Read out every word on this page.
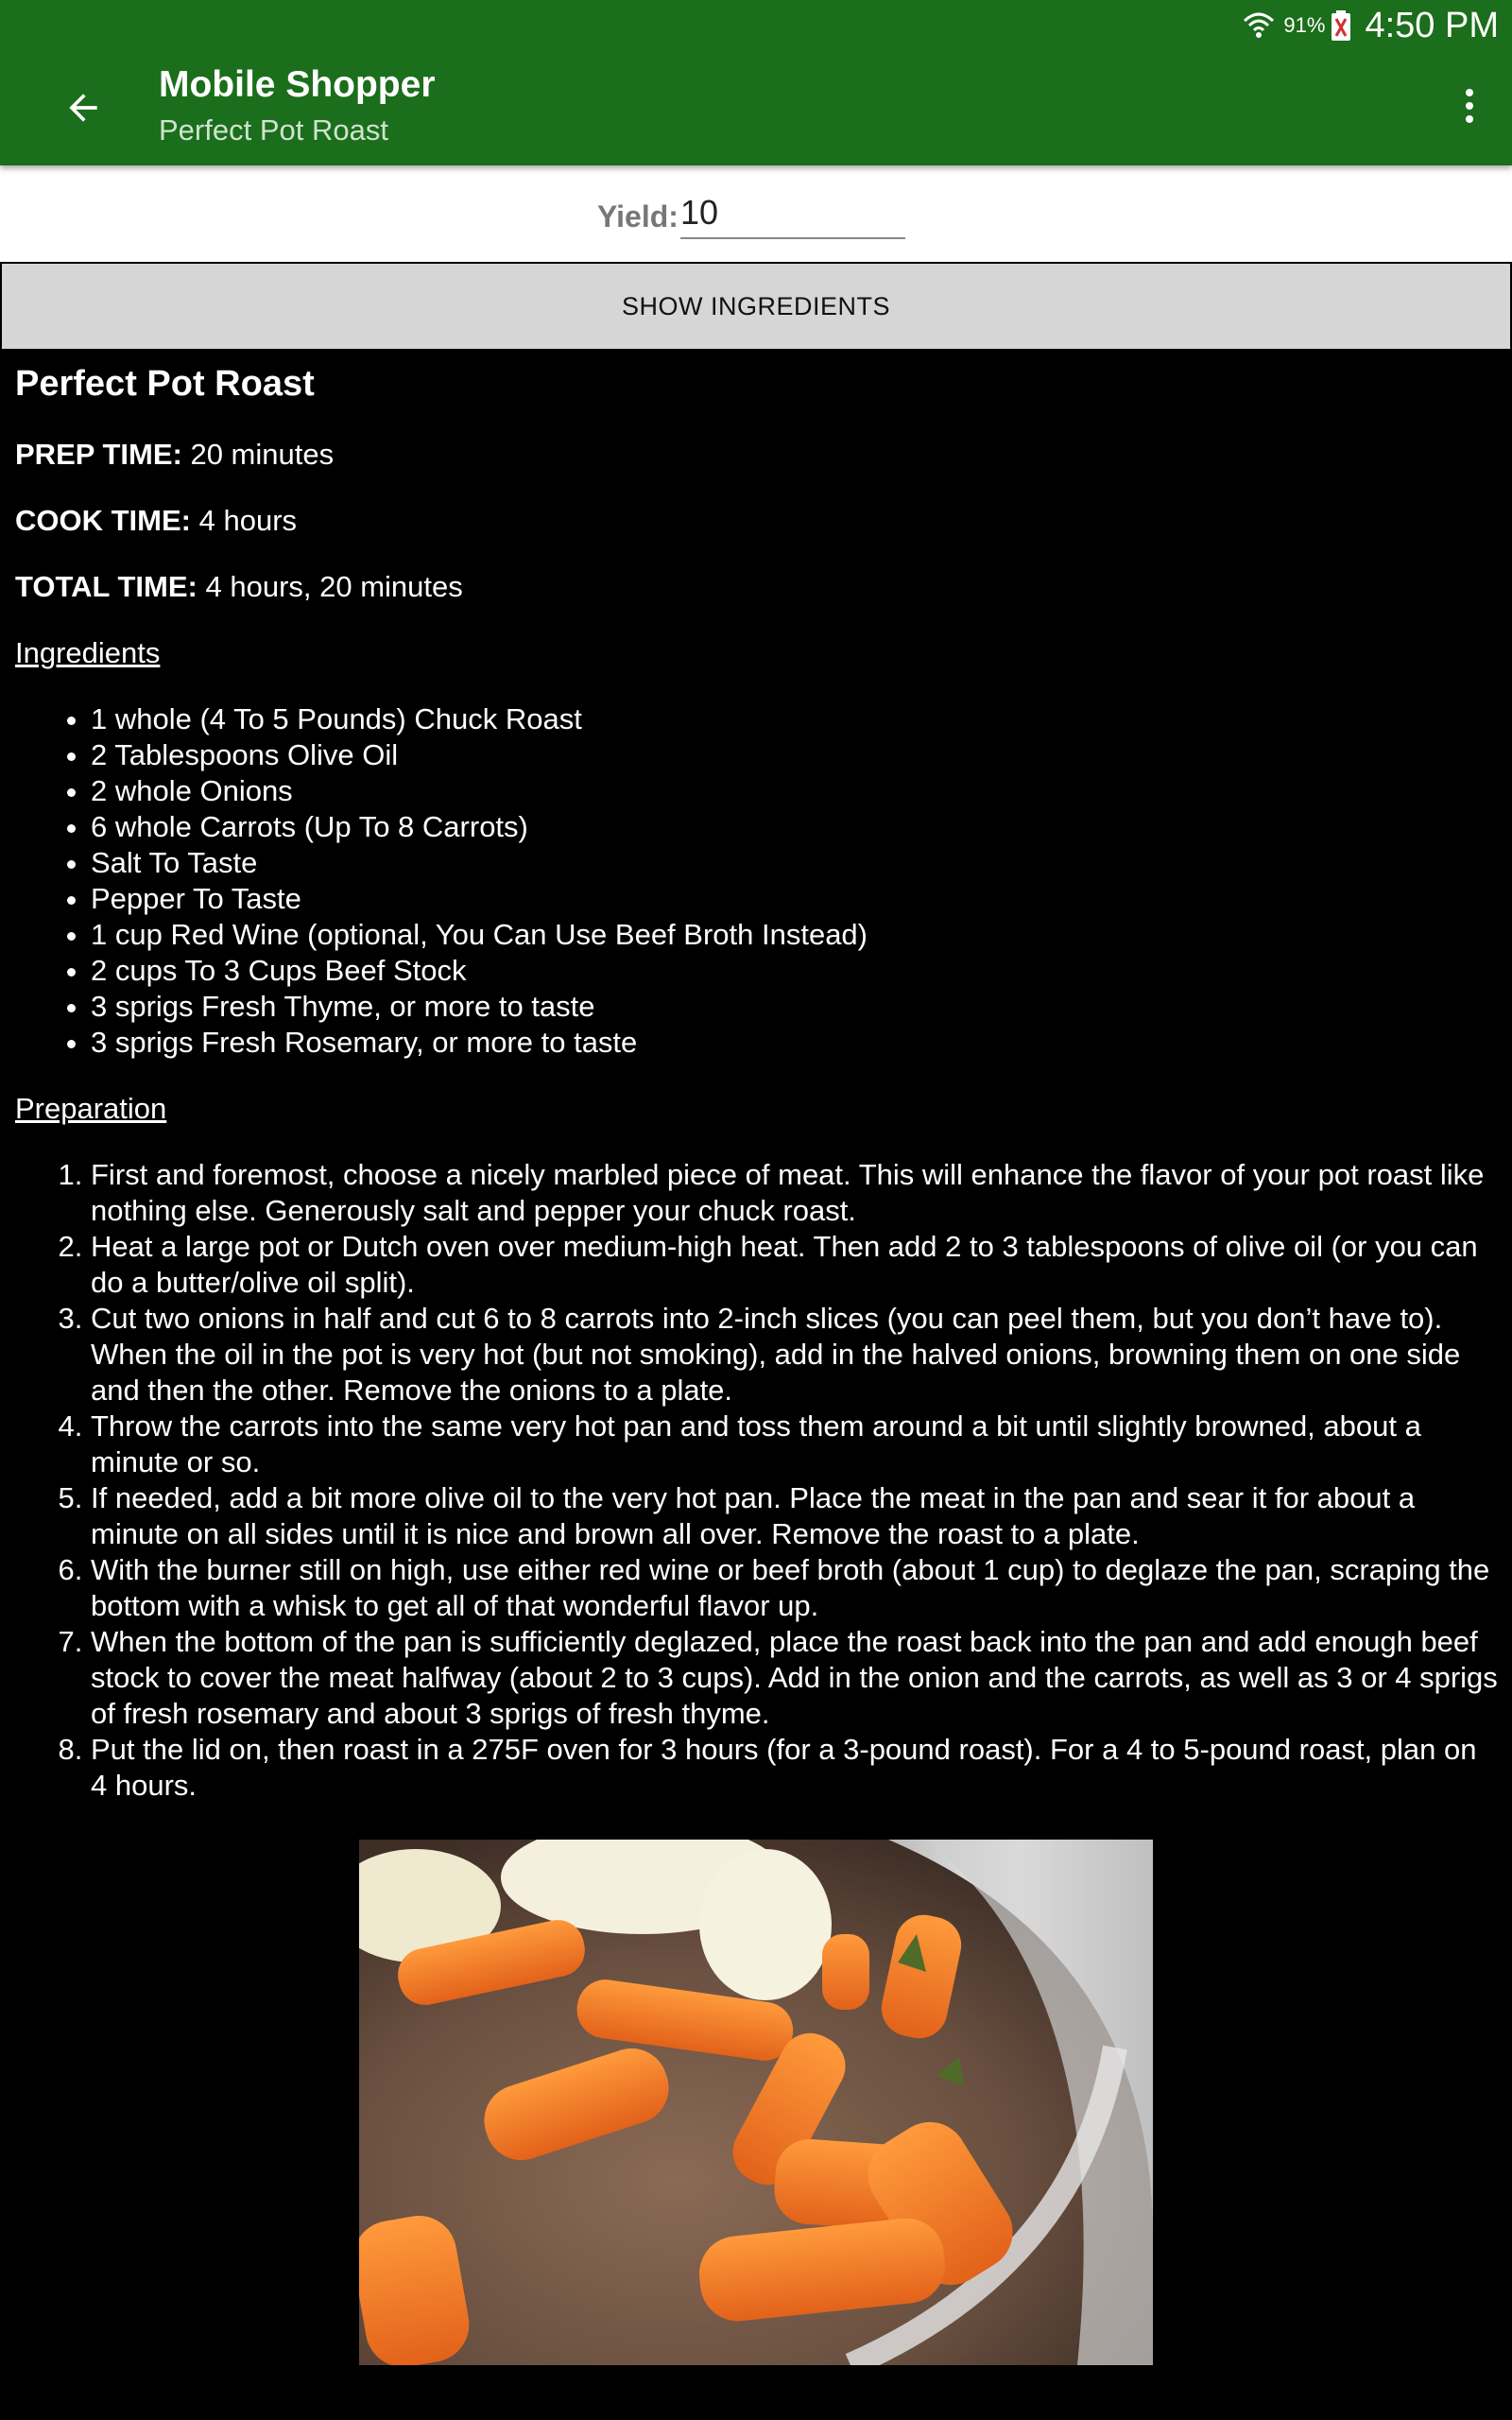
91% 4:50 PM
Mobile Shopper
Perfect Pot Roast
Yield:
10
SHOW INGREDIENTS
Perfect Pot Roast
PREP TIME: 20 minutes
COOK TIME: 4 hours
TOTAL TIME: 4 hours, 20 minutes
Ingredients
• 1 whole (4 To 5 Pounds) Chuck Roast
• 2 Tablespoons Olive Oil
• 2 whole Onions
• 6 whole Carrots (Up To 8 Carrots)
• Salt To Taste
• Pepper To Taste
• 1 cup Red Wine (optional, You Can Use Beef Broth Instead)
• 2 cups To 3 Cups Beef Stock
• 3 sprigs Fresh Thyme, or more to taste
• 3 sprigs Fresh Rosemary, or more to taste
Preparation
1. First and foremost, choose a nicely marbled piece of meat. This will enhance the flavor of your pot roast like nothing else. Generously salt and pepper your chuck roast.
2. Heat a large pot or Dutch oven over medium-high heat. Then add 2 to 3 tablespoons of olive oil (or you can do a butter/olive oil split).
3. Cut two onions in half and cut 6 to 8 carrots into 2-inch slices (you can peel them, but you don’t have to). When the oil in the pot is very hot (but not smoking), add in the halved onions, browning them on one side and then the other. Remove the onions to a plate.
4. Throw the carrots into the same very hot pan and toss them around a bit until slightly browned, about a minute or so.
5. If needed, add a bit more olive oil to the very hot pan. Place the meat in the pan and sear it for about a minute on all sides until it is nice and brown all over. Remove the roast to a plate.
6. With the burner still on high, use either red wine or beef broth (about 1 cup) to deglaze the pan, scraping the bottom with a whisk to get all of that wonderful flavor up.
7. When the bottom of the pan is sufficiently deglazed, place the roast back into the pan and add enough beef stock to cover the meat halfway (about 2 to 3 cups). Add in the onion and the carrots, as well as 3 or 4 sprigs of fresh rosemary and about 3 sprigs of fresh thyme.
8. Put the lid on, then roast in a 275F oven for 3 hours (for a 3-pound roast). For a 4 to 5-pound roast, plan on 4 hours.
